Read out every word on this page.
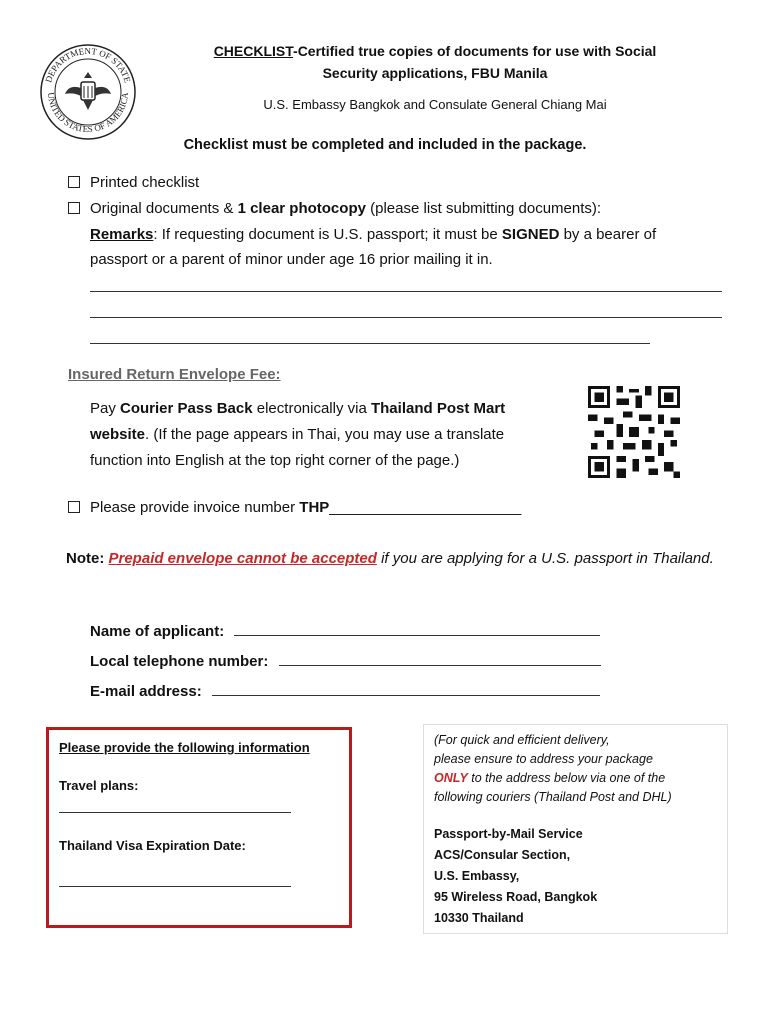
DEPARTMENT OF STATE
UNITED STATES OF AMERICA
CHECKLIST-Certified true copies of documents for use with Social
Security applications, FBU Manila
U.S. Embassy Bangkok and Consulate General Chiang Mai
Checklist must be completed and included in the package.
Printed checklist
Original documents & 1 clear photocopy (please list submitting documents):
Remarks: If requesting document is U.S. passport; it must be SIGNED by a bearer of
passport or a parent of minor under age 16 prior mailing it in.
Insured Return Envelope Fee:
Pay Courier Pass Back electronically via Thailand Post Mart website. (If the page appears in Thai, you may use a translate function into English at the top right corner of the page.)
Please provide invoice number THP_______________________
Note: Prepaid envelope cannot be accepted if you are applying for a U.S. passport in Thailand.
Name of applicant:
Local telephone number:
E-mail address:
Please provide the following information
Travel plans:
Thailand Visa Expiration Date:
(For quick and efficient delivery,
please ensure to address your package
ONLY to the address below via one of the
following couriers (Thailand Post and DHL)
Passport-by-Mail Service
ACS/Consular Section,
U.S. Embassy,
95 Wireless Road, Bangkok
10330 Thailand
